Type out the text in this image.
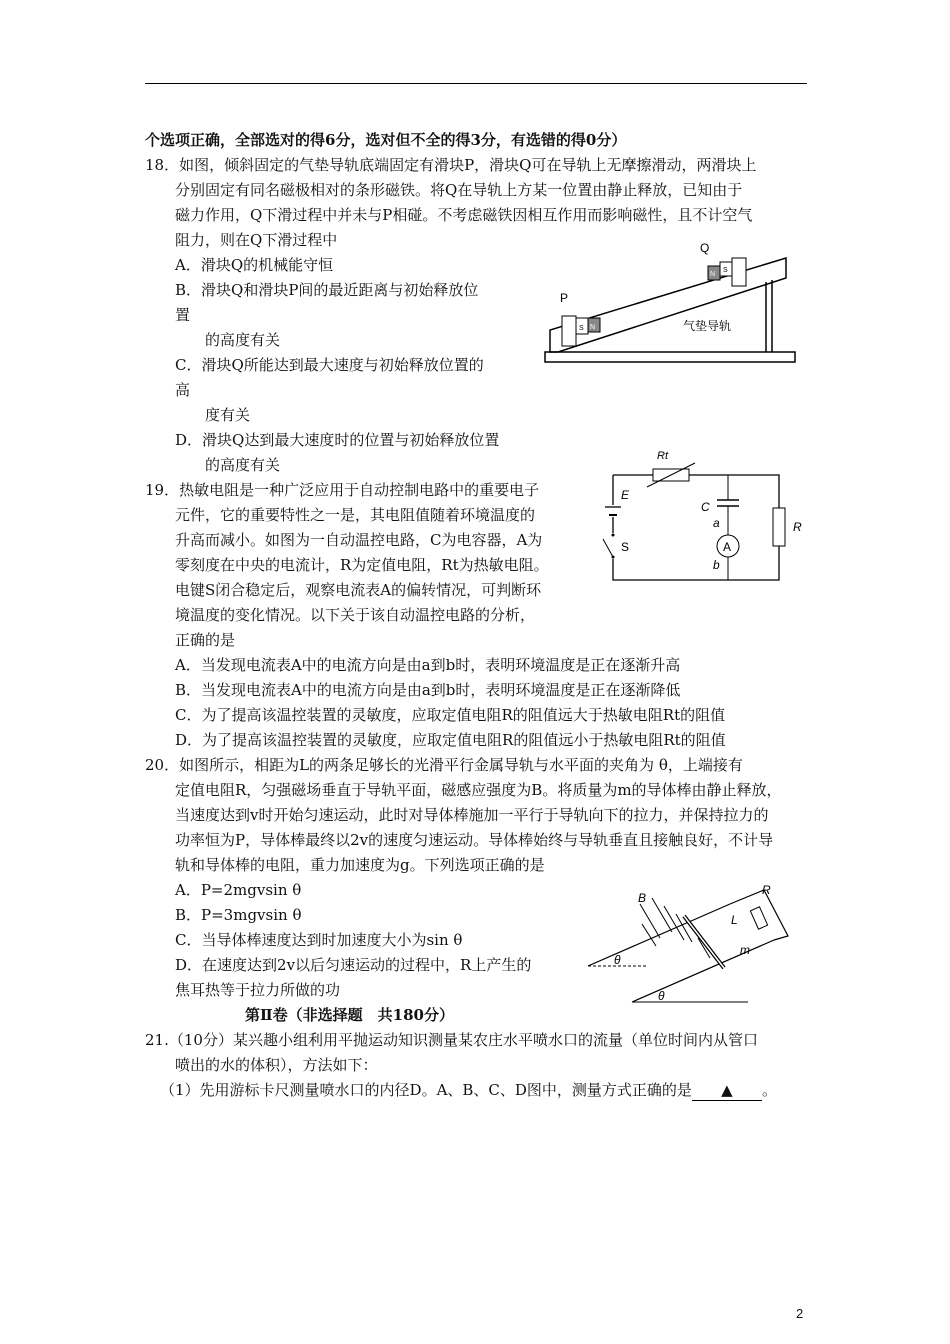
个选项正确，全部选对的得6分，选对但不全的得3分，有选错的得0分）
18．如图，倾斜固定的气垫导轨底端固定有滑块P，滑块Q可在导轨上无摩擦滑动，两滑块上
分别固定有同名磁极相对的条形磁铁。将Q在导轨上方某一位置由静止释放，已知由于
磁力作用，Q下滑过程中并未与P相碰。不考虑磁铁因相互作用而影响磁性，且不计空气
阻力，则在Q下滑过程中
A．滑块Q的机械能守恒
B．滑块Q和滑块P间的最近距离与初始释放位
置
的高度有关
C．滑块Q所能达到最大速度与初始释放位置的
高
度有关
D．滑块Q达到最大速度时的位置与初始释放位置
的高度有关
19．热敏电阻是一种广泛应用于自动控制电路中的重要电子
元件，它的重要特性之一是，其电阻值随着环境温度的
升高而减小。如图为一自动温控电路，C为电容器，A为
零刻度在中央的电流计，R为定值电阻，Rt为热敏电阻。
电键S闭合稳定后，观察电流表A的偏转情况，可判断环
境温度的变化情况。以下关于该自动温控电路的分析，
正确的是
A．当发现电流表A中的电流方向是由a到b时，表明环境温度是正在逐渐升高
B．当发现电流表A中的电流方向是由a到b时，表明环境温度是正在逐渐降低
C．为了提高该温控装置的灵敏度，应取定值电阻R的阻值远大于热敏电阻Rt的阻值
D．为了提高该温控装置的灵敏度，应取定值电阻R的阻值远小于热敏电阻Rt的阻值
20．如图所示，相距为L的两条足够长的光滑平行金属导轨与水平面的夹角为 θ，上端接有
定值电阻R，匀强磁场垂直于导轨平面，磁感应强度为B。将质量为m的导体棒由静止释放，
当速度达到v时开始匀速运动，此时对导体棒施加一平行于导轨向下的拉力，并保持拉力的
功率恒为P，导体棒最终以2v的速度匀速运动。导体棒始终与导轨垂直且接触良好，不计导
轨和导体棒的电阻，重力加速度为g。下列选项正确的是
A．P=2mgvsin θ
B．P=3mgvsin θ
C．当导体棒速度达到时加速度大小为sin θ
D．在速度达到2v以后匀速运动的过程中，R上产生的
焦耳热等于拉力所做的功
第Ⅱ卷（非选择题　共180分）
21.（10分）某兴趣小组利用平抛运动知识测量某农庄水平喷水口的流量（单位时间内从管口
喷出的水的体积），方法如下：
（1）先用游标卡尺测量喷水口的内径D。A、B、C、D图中，测量方式正确的是 ▲ 。
P
Q
N
S
N
S
气垫导轨
E
S
Rt
C
a
A
b
R
B
R
L
m
θ
θ
2
